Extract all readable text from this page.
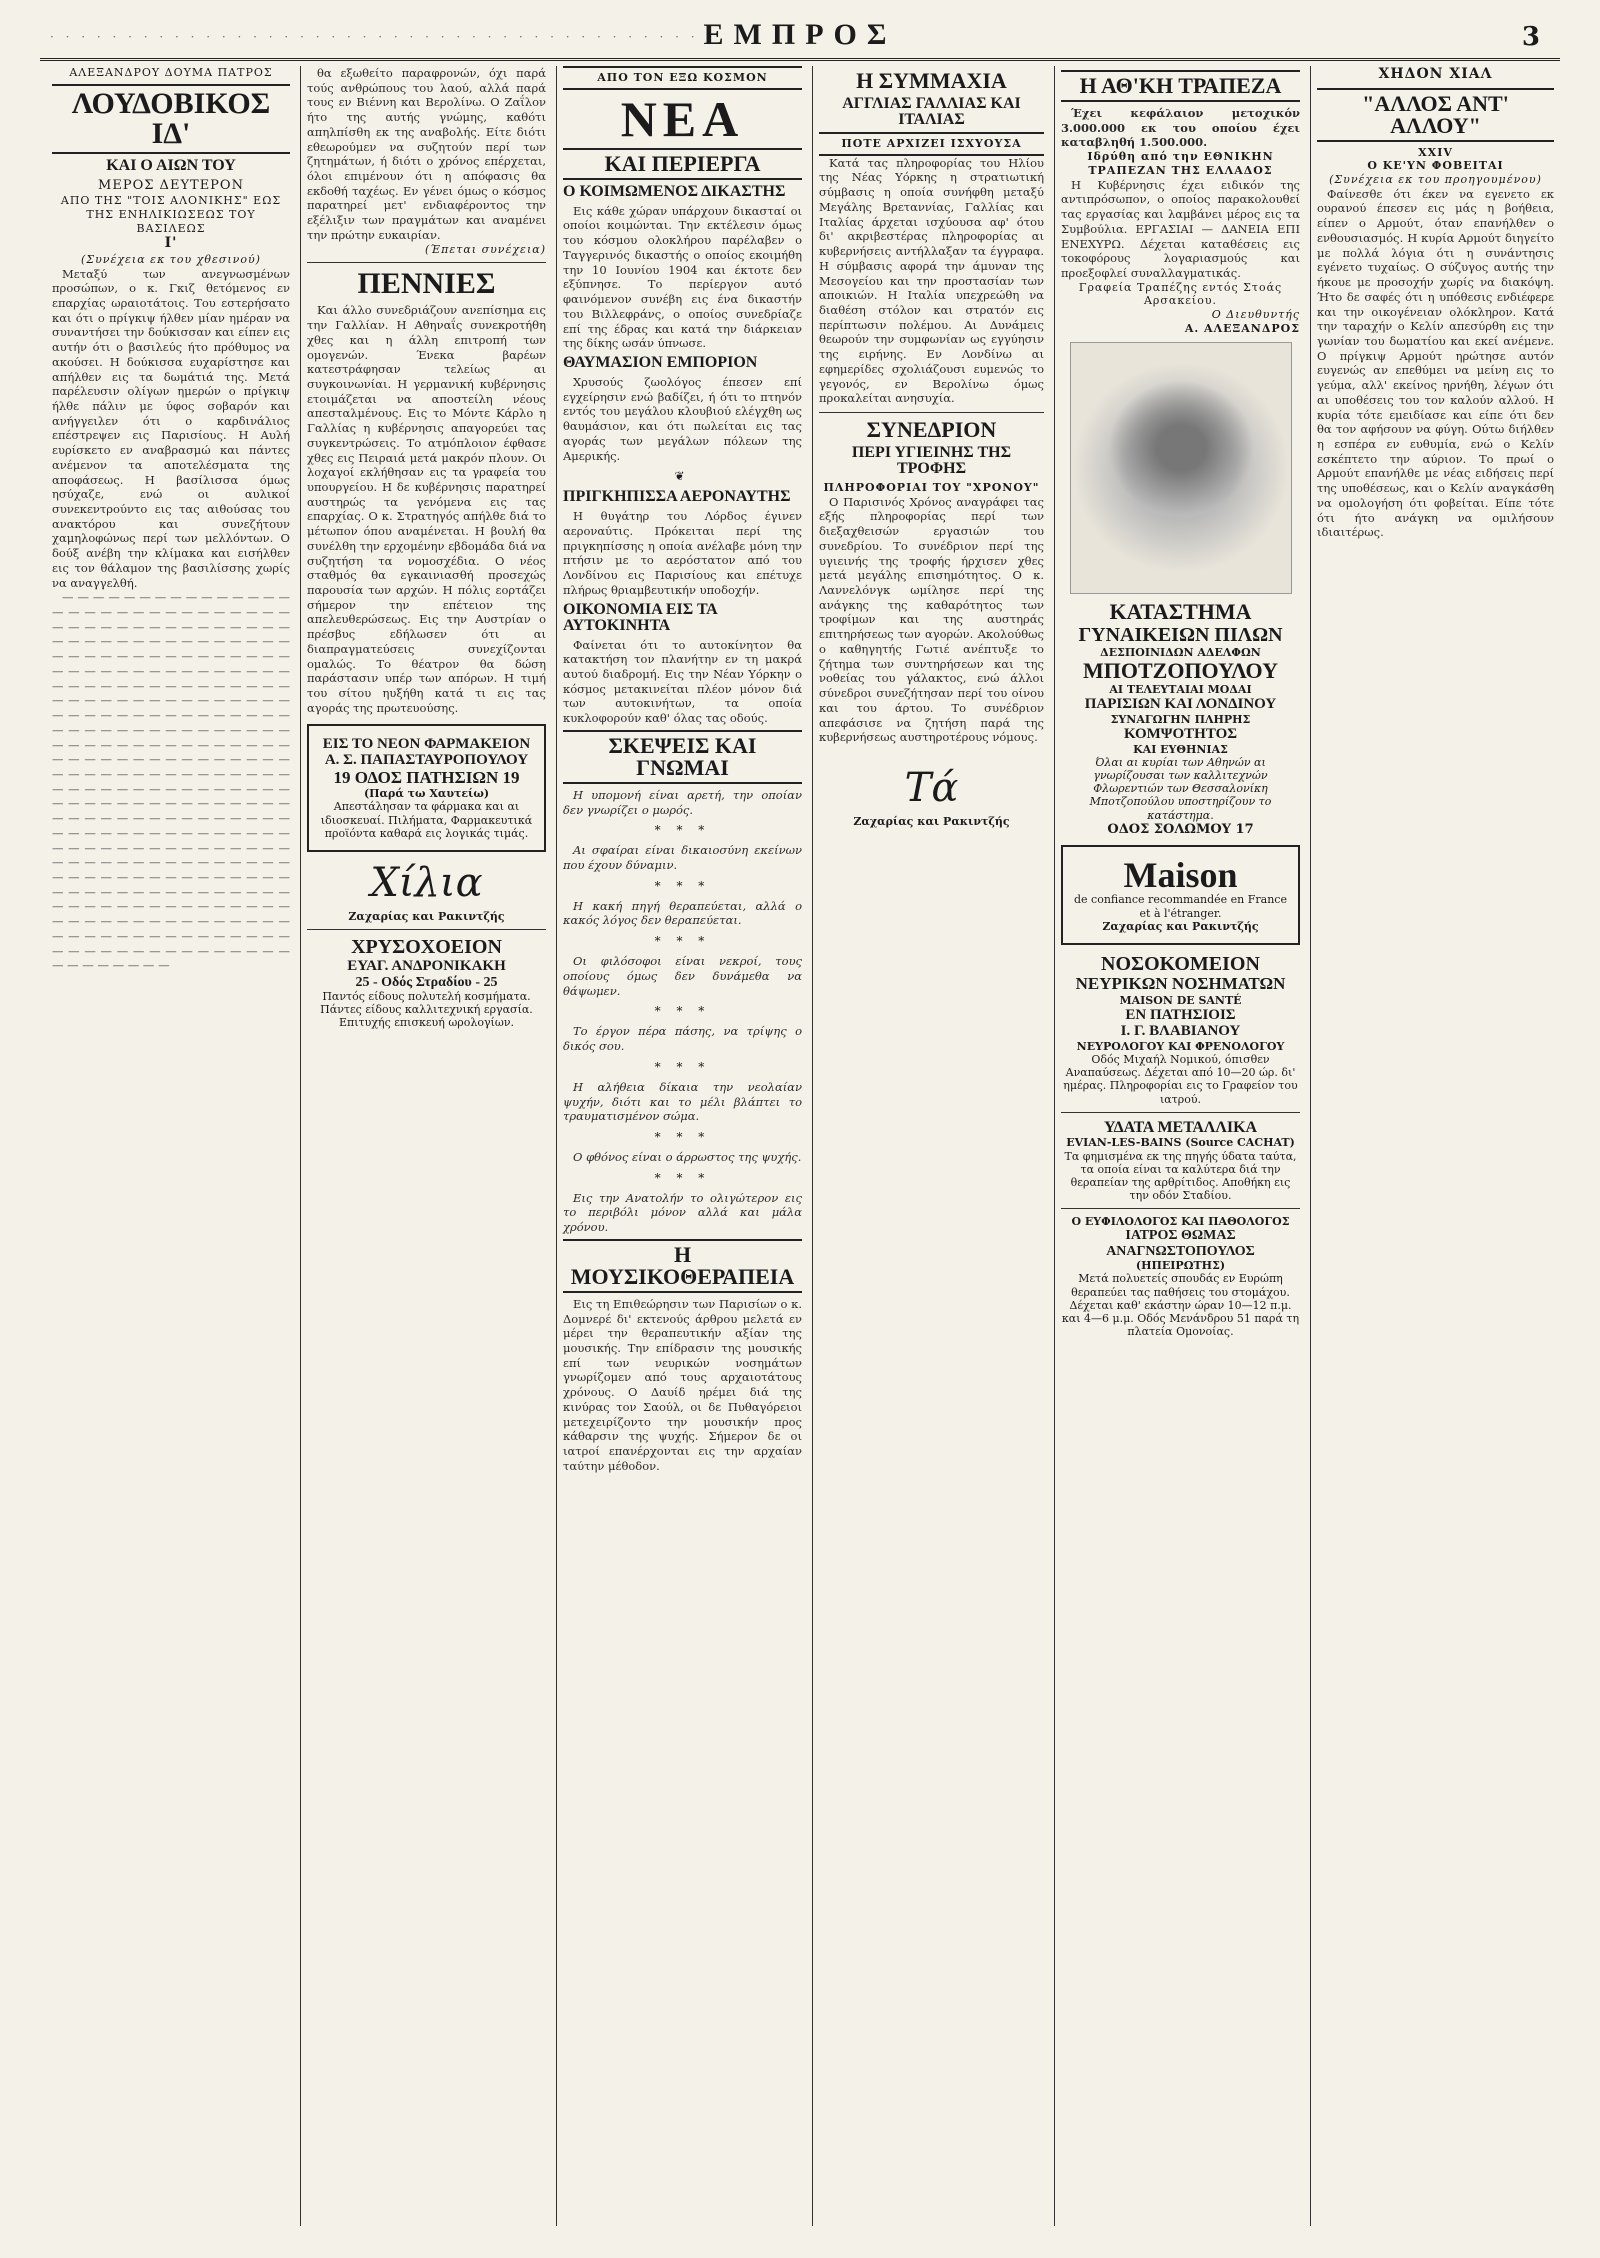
· · · · · · · · · · · · · · · · · · · · · · · · · · · · · · · · · · · · · · · · · · ·
ΕΜΠΡΟΣ	3
ΑΛΕΞΑΝΔΡΟΥ ΔΟΥΜΑ ΠΑΤΡΟΣ
ΛΟΥΔΟΒΙΚΟΣ ΙΔ'
ΚΑΙ Ο ΑΙΩΝ ΤΟΥ
ΜΕΡΟΣ ΔΕΥΤΕΡΟΝ
ΑΠΟ ΤΗΣ "ΤΟΙΣ ΑΛΟΝΙΚΗΣ" ΕΩΣ ΤΗΣ ΕΝΗΛΙΚΙΩΣΕΩΣ ΤΟΥ ΒΑΣΙΛΕΩΣ
Ι'
(Συνέχεια εκ του χθεσινού)

Μεταξύ των ανεγνωσμένων προσώπων, ο κ. Γκιζ θετόμενος εν επαρχίας ωραιοτάτοις. Του εστερήσατο και ότι ο πρίγκιψ ήλθεν μίαν ημέραν να συναντήσει την δούκισσαν και είπεν εις αυτήν ότι ο βασιλεύς ήτο πρόθυμος να ακούσει. Η δούκισσα ευχαρίστησε και απήλθεν εις τα δωμάτιά της. Μετά παρέλευσιν ολίγων ημερών ο πρίγκιψ ήλθε πάλιν με ύφος σοβαρόν και ανήγγειλεν ότι ο καρδινάλιος επέστρεψεν εις Παρισίους. Η Αυλή ευρίσκετο εν αναβρασμώ και πάντες ανέμενον τα αποτελέσματα της αποφάσεως. Η βασίλισσα όμως ησύχαζε, ενώ οι αυλικοί συνεκεντρούντο εις τας αιθούσας του ανακτόρου και συνεζήτουν χαμηλοφώνως περί των μελλόντων. Ο δούξ ανέβη την κλίμακα και εισήλθεν εις τον θάλαμον της βασιλίσσης χωρίς να αναγγελθή.

— — — — — — — — — — — — — — — — — — — — — — — — — — — — — — — — — — — — — — — — — — — — — — — — — — — — — — — — — — — — — — — — — — — — — — — — — — — — — — — — — — — — — — — — — — — — — — — — — — — — — — — — — — — — — — — — — — — — — — — — — — — — — — — — — — — — — — — — — — — — — — — — — — — — — — — — — — — — — — — — — — — — — — — — — — — — — — — — — — — — — — — — — — — — — — — — — — — — — — — — — — — — — — — — — — — — — — — — — — — — — — — — — — — — — — — — — — — — — — — — — — — — — — — — — — — — — — — — — — — — — — — — — — — — — — — — — — — — — — — — — — — — — — — — — — — — — — — — — — — — — — — — — — — — — — — — — — — — — — — — — — — — — — — — — — — — — — — — — — — — — — — — — — — — — — — — — — — — — — — — — — — — — — — — — — — — — — — — — — — — — — —

θα εξωθείτο παραφρονών, όχι παρά τούς ανθρώπους του λαού, αλλά παρά τους εν Βιέννη και Βερολίνω. Ο Ζαΐλον ήτο της αυτής γνώμης, καθότι απηλπίσθη εκ της αναβολής. Είτε διότι εθεωρούμεν να συζητούν περί των ζητημάτων, ή διότι ο χρόνος επέρχεται, όλοι επιμένουν ότι η απόφασις θα εκδοθή ταχέως. Εν γένει όμως ο κόσμος παρατηρεί μετ' ενδιαφέροντος την εξέλιξιν των πραγμάτων και αναμένει την πρώτην ευκαιρίαν.

(Έπεται συνέχεια)
ΠΕΝΝΙΕΣ

Και άλλο συνεδριάζουν ανεπίσημα εις την Γαλλίαν. Η Αθηναΐς συνεκροτήθη χθες και η άλλη επιτροπή των ομογενών. Ένεκα βαρέων κατεστράφησαν τελείως αι συγκοινωνίαι. Η γερμανική κυβέρνησις ετοιμάζεται να αποστείλη νέους απεσταλμένους. Εις το Μόντε Κάρλο η Γαλλίας η κυβέρνησις απαγορεύει τας συγκεντρώσεις. Το ατμόπλοιον έφθασε χθες εις Πειραιά μετά μακρόν πλουν. Οι λοχαγοί εκλήθησαν εις τα γραφεία του υπουργείου. Η δε κυβέρνησις παρατηρεί αυστηρώς τα γενόμενα εις τας επαρχίας. Ο κ. Στρατηγός απήλθε διά το μέτωπον όπου αναμένεται. Η βουλή θα συνέλθη την ερχομένην εβδομάδα διά να συζητήση τα νομοσχέδια. Ο νέος σταθμός θα εγκαινιασθή προσεχώς παρουσία των αρχών. Η πόλις εορτάζει σήμερον την επέτειον της απελευθερώσεως. Εις την Αυστρίαν ο πρέσβυς εδήλωσεν ότι αι διαπραγματεύσεις συνεχίζονται ομαλώς. Το θέατρον θα δώση παράστασιν υπέρ των απόρων. Η τιμή του σίτου ηυξήθη κατά τι εις τας αγοράς της πρωτευούσης.

ΕΙΣ ΤΟ ΝΕΟΝ ΦΑΡΜΑΚΕΙΟΝ
Α. Σ. ΠΑΠΑΣΤΑΥΡΟΠΟΥΛΟΥ
19 ΟΔΟΣ ΠΑΤΗΣΙΩΝ 19
(Παρά τω Χαυτείω)
Απεστάλησαν τα φάρμακα και αι ιδιοσκευαί. Πιλήματα, Φαρμακευτικά προϊόντα καθαρά εις λογικάς τιμάς.
Χίλια
Ζαχαρίας και Ρακιντζής
ΧΡΥΣΟΧΟΕΙΟΝ
ΕΥΑΓ. ΑΝΔΡΟΝΙΚΑΚΗ
25 - Οδός Στραδίου - 25
Παντός είδους πολυτελή κοσμήματα. Πάντες είδους καλλιτεχνική εργασία. Επιτυχής επισκευή ωρολογίων.
ΑΠΟ ΤΟΝ ΕΞΩ ΚΟΣΜΟΝ
ΝΕΑ
ΚΑΙ ΠΕΡΙΕΡΓΑ
Ο ΚΟΙΜΩΜΕΝΟΣ ΔΙΚΑΣΤΗΣ

Εις κάθε χώραν υπάρχουν δικασταί οι οποίοι κοιμώνται. Την εκτέλεσιν όμως του κόσμου ολοκλήρου παρέλαβεν ο Ταγγερινός δικαστής ο οποίος εκοιμήθη την 10 Ιουνίου 1904 και έκτοτε δεν εξύπνησε. Το περίεργον αυτό φαινόμενον συνέβη εις ένα δικαστήν του Βιλλεφράνς, ο οποίος συνεδρίαζε επί της έδρας και κατά την διάρκειαν της δίκης ωσάν ύπνωσε.

ΘΑΥΜΑΣΙΟΝ ΕΜΠΟΡΙΟΝ

Χρυσούς ζωολόγος έπεσεν επί εγχείρησιν ενώ βαδίζει, ή ότι το πτηνόν εντός του μεγάλου κλουβιού ελέγχθη ως θαυμάσιον, και ότι πωλείται εις τας αγοράς των μεγάλων πόλεων της Αμερικής.

❦
ΠΡΙΓΚΗΠΙΣΣΑ ΑΕΡΟΝΑΥΤΗΣ

Η θυγάτηρ του Λόρδος έγινεν αεροναύτις. Πρόκειται περί της πριγκηπίσσης η οποία ανέλαβε μόνη την πτήσιν με το αερόστατον από του Λονδίνου εις Παρισίους και επέτυχε πλήρως θριαμβευτικήν υποδοχήν.

ΟΙΚΟΝΟΜΙΑ ΕΙΣ ΤΑ ΑΥΤΟΚΙΝΗΤΑ

Φαίνεται ότι το αυτοκίνητον θα κατακτήση τον πλανήτην εν τη μακρά αυτού διαδρομή. Εις την Νέαν Υόρκην ο κόσμος μετακινείται πλέον μόνον διά των αυτοκινήτων, τα οποία κυκλοφορούν καθ' όλας τας οδούς.

ΣΚΕΨΕΙΣ ΚΑΙ ΓΝΩΜΑΙ

Η υπομονή είναι αρετή, την οποίαν δεν γνωρίζει ο μωρός.

* * *

Αι σφαίραι είναι δικαιοσύνη εκείνων που έχουν δύναμιν.

* * *

Η κακή πηγή θεραπεύεται, αλλά ο κακός λόγος δεν θεραπεύεται.

* * *

Οι φιλόσοφοι είναι νεκροί, τους οποίους όμως δεν δυνάμεθα να θάψωμεν.

* * *

Το έργον πέρα πάσης, να τρίψης ο δικός σου.

* * *

Η αλήθεια δίκαια την νεολαίαν ψυχήν, διότι και το μέλι βλάπτει το τραυματισμένον σώμα.

* * *

Ο φθόνος είναι ο άρρωστος της ψυχής.

* * *

Εις την Ανατολήν το ολιγώτερον εις το περιβόλι μόνον αλλά και μάλα χρόνου.

Η ΜΟΥΣΙΚΟΘΕΡΑΠΕΙΑ

Εις τη Επιθεώρησιν των Παρισίων ο κ. Δομνερέ δι' εκτενούς άρθρου μελετά εν μέρει την θεραπευτικήν αξίαν της μουσικής. Την επίδρασιν της μουσικής επί των νευρικών νοσημάτων γνωρίζομεν από τους αρχαιοτάτους χρόνους. Ο Δαυίδ ηρέμει διά της κινύρας τον Σαούλ, οι δε Πυθαγόρειοι μετεχειρίζοντο την μουσικήν προς κάθαρσιν της ψυχής. Σήμερον δε οι ιατροί επανέρχονται εις την αρχαίαν ταύτην μέθοδον.

Η ΣΥΜΜΑΧΙΑ
ΑΓΓΛΙΑΣ ΓΑΛΛΙΑΣ ΚΑΙ ΙΤΑΛΙΑΣ
ΠΟΤΕ ΑΡΧΙΖΕΙ ΙΣΧΥΟΥΣΑ

Κατά τας πληροφορίας του Ηλίου της Νέας Υόρκης η στρατιωτική σύμβασις η οποία συνήφθη μεταξύ Μεγάλης Βρεταννίας, Γαλλίας και Ιταλίας άρχεται ισχύουσα αφ' ότου δι' ακριβεστέρας πληροφορίας αι κυβερνήσεις αντήλλαξαν τα έγγραφα. Η σύμβασις αφορά την άμυναν της Μεσογείου και την προστασίαν των αποικιών. Η Ιταλία υπεχρεώθη να διαθέση στόλον και στρατόν εις περίπτωσιν πολέμου. Αι Δυνάμεις θεωρούν την συμφωνίαν ως εγγύησιν της ειρήνης. Εν Λονδίνω αι εφημερίδες σχολιάζουσι ευμενώς το γεγονός, εν Βερολίνω όμως προκαλείται ανησυχία.

ΣΥΝΕΔΡΙΟΝ
ΠΕΡΙ ΥΓΙΕΙΝΗΣ ΤΗΣ ΤΡΟΦΗΣ
ΠΛΗΡΟΦΟΡΙΑΙ ΤΟΥ "ΧΡΟΝΟΥ"

Ο Παρισινός Χρόνος αναγράφει τας εξής πληροφορίας περί των διεξαχθεισών εργασιών του συνεδρίου. Το συνέδριον περί της υγιεινής της τροφής ήρχισεν χθες μετά μεγάλης επισημότητος. Ο κ. Λαννελόνγκ ωμίλησε περί της ανάγκης της καθαρότητος των τροφίμων και της αυστηράς επιτηρήσεως των αγορών. Ακολούθως ο καθηγητής Γωτιέ ανέπτυξε το ζήτημα των συντηρήσεων και της νοθείας του γάλακτος, ενώ άλλοι σύνεδροι συνεζήτησαν περί του οίνου και του άρτου. Το συνέδριον απεφάσισε να ζητήση παρά της κυβερνήσεως αυστηροτέρους νόμους.

Τά
Ζαχαρίας και Ρακιντζής
Η ΑΘ'ΚΗ ΤΡΑΠΕΖΑ

Έχει κεφάλαιον μετοχικόν 3.000.000 εκ του οποίου έχει καταβληθή 1.500.000.

Ιδρύθη από την ΕΘΝΙΚΗΝ ΤΡΑΠΕΖΑΝ ΤΗΣ ΕΛΛΑΔΟΣ

Η Κυβέρνησις έχει ειδικόν της αντιπρόσωπον, ο οποίος παρακολουθεί τας εργασίας και λαμβάνει μέρος εις τα Συμβούλια. ΕΡΓΑΣΙΑΙ — ΔΑΝΕΙΑ ΕΠΙ ΕΝΕΧΥΡΩ. Δέχεται καταθέσεις εις τοκοφόρους λογαριασμούς και προεξοφλεί συναλλαγματικάς.

Γραφεία Τραπέζης εντός Στοάς Αρσακείου.
Ο Διευθυντής
Α. ΑΛΕΞΑΝΔΡΟΣ
ΚΑΤΑΣΤΗΜΑ
ΓΥΝΑΙΚΕΙΩΝ ΠΙΛΩΝ
ΔΕΣΠΟΙΝΙΔΩΝ ΑΔΕΛΦΩΝ
ΜΠΟΤΖΟΠΟΥΛΟΥ
ΑΙ ΤΕΛΕΥΤΑΙΑΙ ΜΟΔΑΙ
ΠΑΡΙΣΙΩΝ ΚΑΙ ΛΟΝΔΙΝΟΥ
ΣΥΝΑΓΩΓΗΝ ΠΛΗΡΗΣ
ΚΟΜΨΟΤΗΤΟΣ
ΚΑΙ ΕΥΘΗΝΙΑΣ
Όλαι αι κυρίαι των Αθηνών αι γνωρίζουσαι των καλλιτεχνών Φλωρεντιών των Θεσσαλονίκη Μποτζοπούλου υποστηρίζουν το κατάστημα.
ΟΔΟΣ ΣΟΛΩΜΟΥ 17
Maison
de confiance recommandée en France et à l'étranger.
Ζαχαρίας και Ρακιντζής
ΝΟΣΟΚΟΜΕΙΟΝ
ΝΕΥΡΙΚΩΝ ΝΟΣΗΜΑΤΩΝ
MAISON DE SANTÉ
ΕΝ ΠΑΤΗΣΙΟΙΣ
Ι. Γ. ΒΛΑΒΙΑΝΟΥ
ΝΕΥΡΟΛΟΓΟΥ ΚΑΙ ΦΡΕΝΟΛΟΓΟΥ
Οδός Μιχαήλ Νομικού, όπισθεν Αναπαύσεως. Δέχεται από 10—20 ώρ. δι' ημέρας. Πληροφορίαι εις το Γραφείον του ιατρού.
ΥΔΑΤΑ ΜΕΤΑΛΛΙΚΑ
EVIAN-LES-BAINS (Source CACHAT)
Τα φημισμένα εκ της πηγής ύδατα ταύτα, τα οποία είναι τα καλύτερα διά την θεραπείαν της αρθρίτιδος. Αποθήκη εις την οδόν Σταδίου.
Ο ΕΥΦΙΛΟΛΟΓΟΣ ΚΑΙ ΠΑΘΟΛΟΓΟΣ
ΙΑΤΡΟΣ ΘΩΜΑΣ ΑΝΑΓΝΩΣΤΟΠΟΥΛΟΣ
(ΗΠΕΙΡΩΤΗΣ)
Μετά πολυετείς σπουδάς εν Ευρώπη θεραπεύει τας παθήσεις του στομάχου. Δέχεται καθ' εκάστην ώραν 10—12 π.μ. και 4—6 μ.μ. Οδός Μενάνδρου 51 παρά τη πλατεία Ομονοίας.
ΧΗΔΟΝ ΧΙΑΛ
"ΑΛΛΟΣ ΑΝΤ' ΑΛΛΟΥ"
XXIV
Ο ΚΕ'ΥΝ ΦΟΒΕΙΤΑΙ
(Συνέχεια εκ του προηγουμένου)

Φαίνεσθε ότι έκεν να εγενετο εκ ουρανού έπεσεν εις μάς η βοήθεια, είπεν ο Αρμούτ, όταν επανήλθεν ο ενθουσιασμός. Η κυρία Αρμούτ διηγείτο με πολλά λόγια ότι η συνάντησις εγένετο τυχαίως. Ο σύζυγος αυτής την ήκουε με προσοχήν χωρίς να διακόψη. Ήτο δε σαφές ότι η υπόθεσις ενδιέφερε και την οικογένειαν ολόκληρον. Κατά την ταραχήν ο Κελίν απεσύρθη εις την γωνίαν του δωματίου και εκεί ανέμενε. Ο πρίγκιψ Αρμούτ ηρώτησε αυτόν ευγενώς αν επεθύμει να μείνη εις το γεύμα, αλλ' εκείνος ηρνήθη, λέγων ότι αι υποθέσεις του τον καλούν αλλού. Η κυρία τότε εμειδίασε και είπε ότι δεν θα τον αφήσουν να φύγη. Ούτω διήλθεν η εσπέρα εν ευθυμία, ενώ ο Κελίν εσκέπτετο την αύριον. Το πρωί ο Αρμούτ επανήλθε με νέας ειδήσεις περί της υποθέσεως, και ο Κελίν αναγκάσθη να ομολογήση ότι φοβείται. Είπε τότε ότι ήτο ανάγκη να ομιλήσουν ιδιαιτέρως.
